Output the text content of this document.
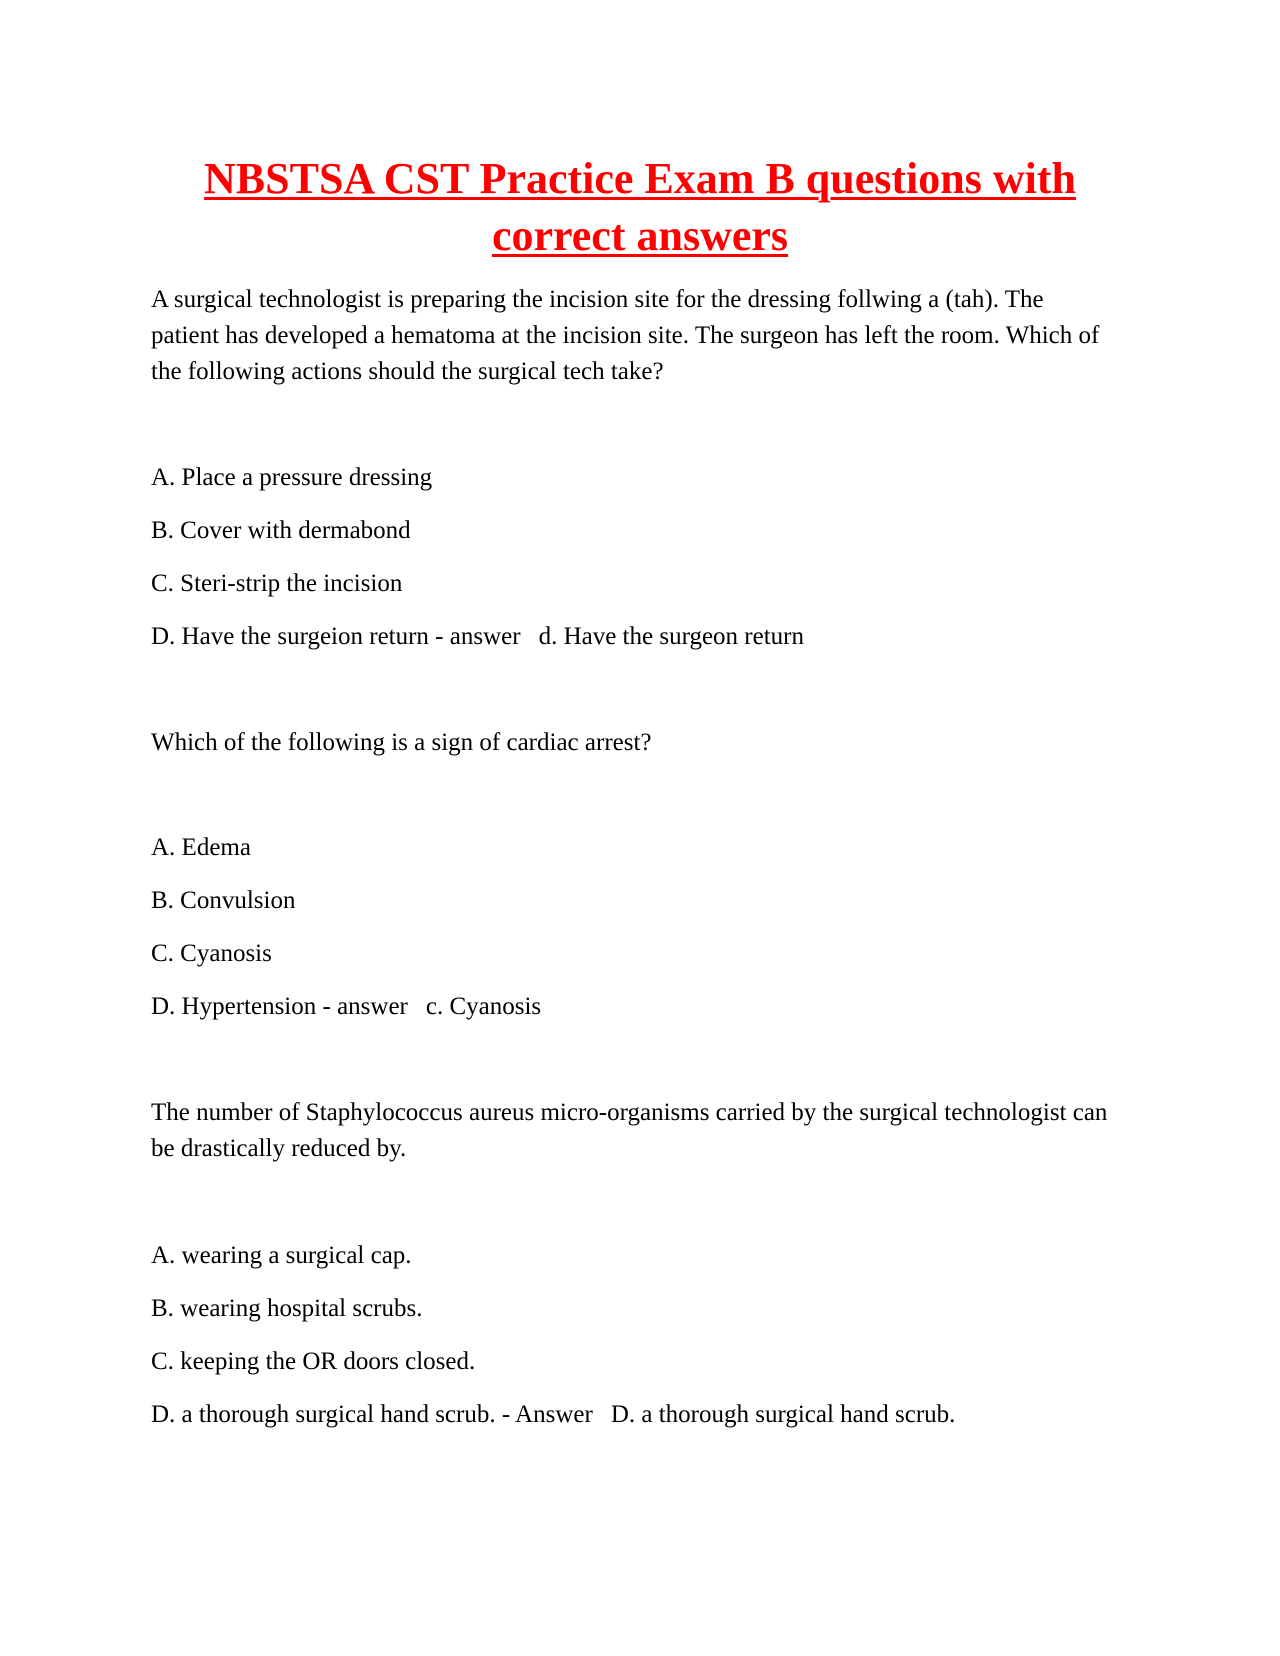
NBSTSA CST Practice Exam B questions with correct answers

A surgical technologist is preparing the incision site for the dressing follwing a (tah). The patient has developed a hematoma at the incision site. The surgeon has left the room. Which of the following actions should the surgical tech take?

A. Place a pressure dressing

B. Cover with dermabond

C. Steri-strip the incision

D. Have the surgeion return - answer d. Have the surgeon return

Which of the following is a sign of cardiac arrest?

A. Edema

B. Convulsion

C. Cyanosis

D. Hypertension - answer c. Cyanosis

The number of Staphylococcus aureus micro-organisms carried by the surgical technologist can be drastically reduced by.

A. wearing a surgical cap.

B. wearing hospital scrubs.

C. keeping the OR doors closed.

D. a thorough surgical hand scrub. - Answer D. a thorough surgical hand scrub.
